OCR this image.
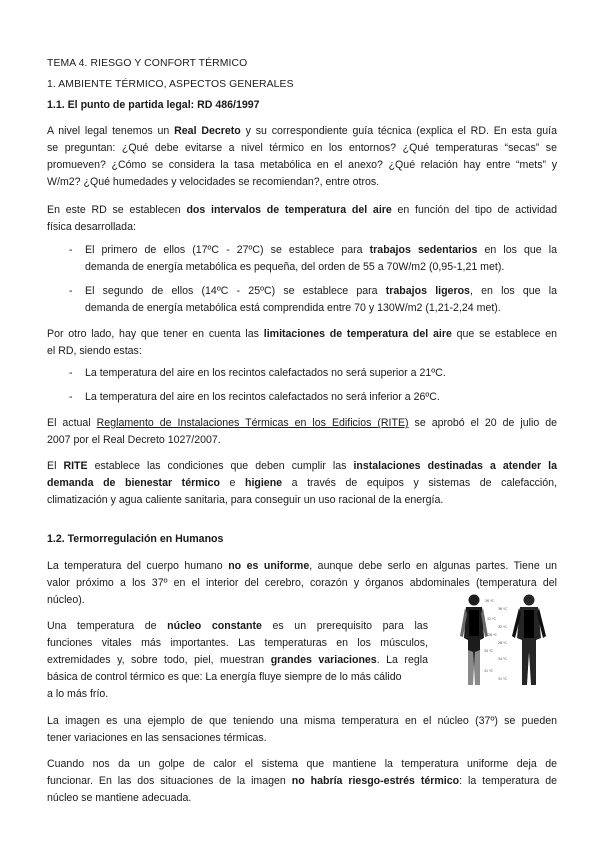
TEMA 4. RIESGO Y CONFORT TÉRMICO
1. AMBIENTE TÉRMICO, ASPECTOS GENERALES
1.1. El punto de partida legal: RD 486/1997
A nivel legal tenemos un Real Decreto y su correspondiente guía técnica (explica el RD. En esta guía
se preguntan: ¿Qué debe evitarse a nivel térmico en los entornos? ¿Qué temperaturas “secas” se
promueven? ¿Cómo se considera la tasa metabólica en el anexo? ¿Qué relación hay entre “mets” y
W/m2? ¿Qué humedades y velocidades se recomiendan?, entre otros.
En este RD se establecen dos intervalos de temperatura del aire en función del tipo de actividad
física desarrollada:
-	El primero de ellos (17ºC - 27ºC) se establece para trabajos sedentarios en los que la
demanda de energía metabólica es pequeña, del orden de 55 a 70W/m2 (0,95-1,21 met).
-	El segundo de ellos (14ºC - 25ºC) se establece para trabajos ligeros, en los que la
demanda de energía metabólica está comprendida entre 70 y 130W/m2 (1,21-2,24 met).
Por otro lado, hay que tener en cuenta las limitaciones de temperatura del aire que se establece en
el RD, siendo estas:
-	La temperatura del aire en los recintos calefactados no será superior a 21ºC.
-	La temperatura del aire en los recintos calefactados no será inferior a 26ºC.
El actual Reglamento de Instalaciones Térmicas en los Edificios (RITE) se aprobó el 20 de julio de
2007 por el Real Decreto 1027/2007.
El RITE establece las condiciones que deben cumplir las instalaciones destinadas a atender la
demanda de bienestar térmico e higiene a través de equipos y sistemas de calefacción,
climatización y agua caliente sanitaria, para conseguir un uso racional de la energía.
1.2. Termorregulación en Humanos
La temperatura del cuerpo humano no es uniforme, aunque debe serlo en algunas partes. Tiene un
valor próximo a los 37º en el interior del cerebro, corazón y órganos abdominales (temperatura del
núcleo).
Una temperatura de núcleo constante es un prerequisito para las
funciones vitales más importantes. Las temperaturas en los músculos,
extremidades y, sobre todo, piel, muestran grandes variaciones. La regla
básica de control térmico es que: La energía fluye siempre de lo más cálido
a lo más frío.
36 ºC
32 ºC
28 ºC
34 ºC
31 ºC
36 ºC
32 ºC
28 ºC
34 ºC
31 ºC
La imagen es una ejemplo de que teniendo una misma temperatura en el núcleo (37º) se pueden
tener variaciones en las sensaciones térmicas.
Cuando nos da un golpe de calor el sistema que mantiene la temperatura uniforme deja de
funcionar. En las dos situaciones de la imagen no habría riesgo-estrés térmico: la temperatura de
núcleo se mantiene adecuada.
